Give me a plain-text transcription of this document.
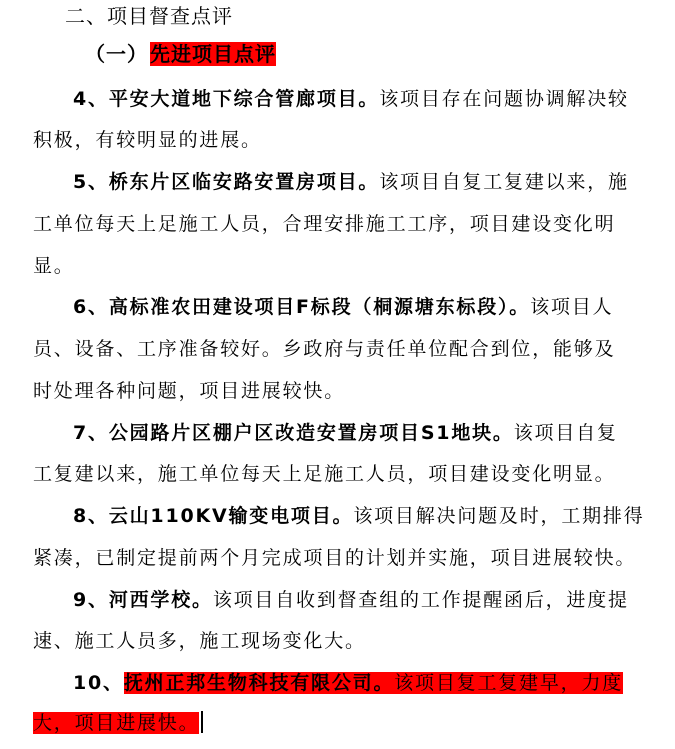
二、项目督查点评
（一） 先进项目点评
4、平安大道地下综合管廊项目。该项目存在问题协调解决较
积极，有较明显的进展。
5、桥东片区临安路安置房项目。该项目自复工复建以来，施
工单位每天上足施工人员，合理安排施工工序，项目建设变化明
显。
6、高标准农田建设项目F标段（桐源塘东标段）。该项目人
员、设备、工序准备较好。乡政府与责任单位配合到位，能够及
时处理各种问题，项目进展较快。
7、公园路片区棚户区改造安置房项目S1地块。该项目自复
工复建以来，施工单位每天上足施工人员，项目建设变化明显。
8、云山110KV输变电项目。该项目解决问题及时，工期排得
紧凑，已制定提前两个月完成项目的计划并实施，项目进展较快。
9、河西学校。该项目自收到督查组的工作提醒函后，进度提
速、施工人员多，施工现场变化大。
10、抚州正邦生物科技有限公司。该项目复工复建早，力度
大，项目进展快。
